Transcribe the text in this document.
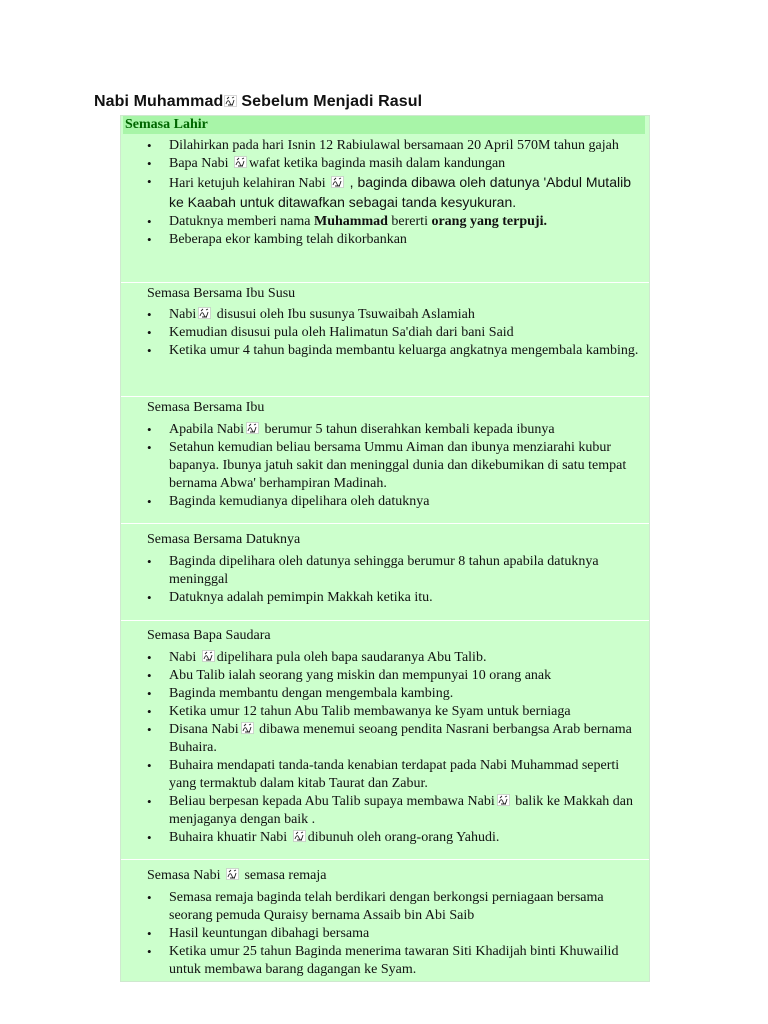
Nabi Muhammad Sebelum Menjadi Rasul
Semasa Lahir
• Dilahirkan pada hari Isnin 12 Rabiulawal bersamaan 20 April 570M tahun gajah
• Bapa Nabi wafat ketika baginda masih dalam kandungan
• Hari ketujuh kelahiran Nabi , baginda dibawa oleh datunya 'Abdul Mutalib ke Kaabah untuk ditawafkan sebagai tanda kesyukuran.
• Datuknya memberi nama Muhammad bererti orang yang terpuji.
• Beberapa ekor kambing telah dikorbankan
Semasa Bersama Ibu Susu
• Nabi disusui oleh Ibu susunya Tsuwaibah Aslamiah
• Kemudian disusui pula oleh Halimatun Sa'diah dari bani Said
• Ketika umur 4 tahun baginda membantu keluarga angkatnya mengembala kambing.
Semasa Bersama Ibu
• Apabila Nabi berumur 5 tahun diserahkan kembali kepada ibunya
• Setahun kemudian beliau bersama Ummu Aiman dan ibunya menziarahi kubur bapanya. Ibunya jatuh sakit dan meninggal dunia dan dikebumikan di satu tempat bernama Abwa' berhampiran Madinah.
• Baginda kemudianya dipelihara oleh datuknya
Semasa Bersama Datuknya
• Baginda dipelihara oleh datunya sehingga berumur 8 tahun apabila datuknya meninggal
• Datuknya adalah pemimpin Makkah ketika itu.
Semasa Bapa Saudara
• Nabi dipelihara pula oleh bapa saudaranya Abu Talib.
• Abu Talib ialah seorang yang miskin dan mempunyai 10 orang anak
• Baginda membantu dengan mengembala kambing.
• Ketika umur 12 tahun Abu Talib membawanya ke Syam untuk berniaga
• Disana Nabi dibawa menemui seoang pendita Nasrani berbangsa Arab bernama Buhaira.
• Buhaira mendapati tanda-tanda kenabian terdapat pada Nabi Muhammad seperti yang termaktub dalam kitab Taurat dan Zabur.
• Beliau berpesan kepada Abu Talib supaya membawa Nabi balik ke Makkah dan menjaganya dengan baik .
• Buhaira khuatir Nabi dibunuh oleh orang-orang Yahudi.
Semasa Nabi semasa remaja
• Semasa remaja baginda telah berdikari dengan berkongsi perniagaan bersama seorang pemuda Quraisy bernama Assaib bin Abi Saib
• Hasil keuntungan dibahagi bersama
• Ketika umur 25 tahun Baginda menerima tawaran Siti Khadijah binti Khuwailid untuk membawa barang dagangan ke Syam.
